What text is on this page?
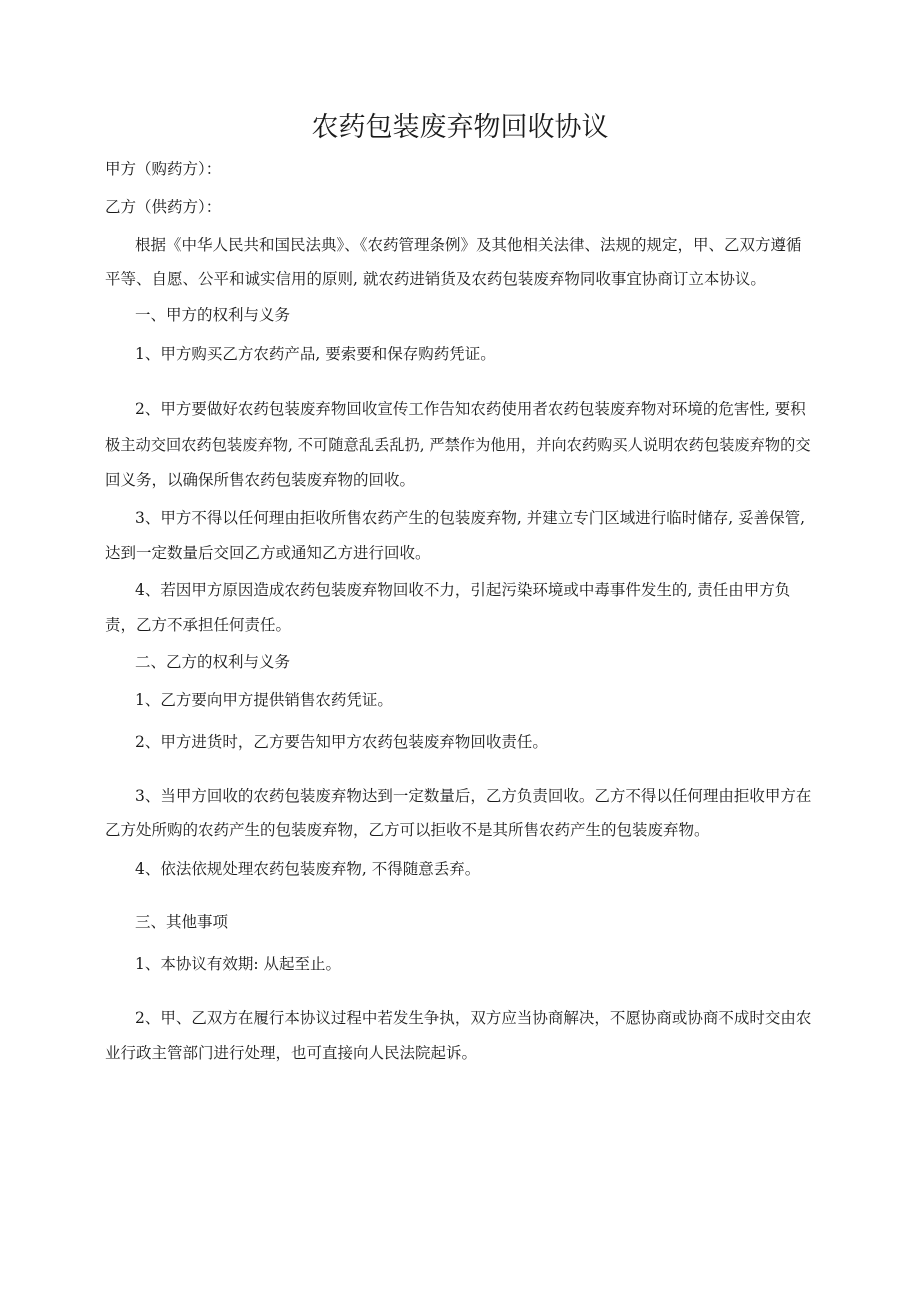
农药包装废弃物回收协议
甲方（购药方）：
乙方（供药方）：
根据《中华人民共和国民法典》、《农药管理条例》及其他相关法律、法规的规定，甲、乙双方遵循
平等、自愿、公平和诚实信用的原则, 就农药进销货及农药包装废弃物同收事宜协商订立本协议。
一、甲方的权利与义务
1、甲方购买乙方农药产品, 要索要和保存购药凭证。
2、甲方要做好农药包装废弃物回收宣传工作告知农药使用者农药包装废弃物对环境的危害性, 要积
极主动交回农药包装废弃物, 不可随意乱丢乱扔, 严禁作为他用，并向农药购买人说明农药包装废弃物的交
回义务，以确保所售农药包装废弃物的回收。
3、甲方不得以任何理由拒收所售农药产生的包装废弃物, 并建立专门区域进行临时储存, 妥善保管,
达到一定数量后交回乙方或通知乙方进行回收。
4、若因甲方原因造成农药包装废弃物回收不力，引起污染环境或中毒事件发生的, 责任由甲方负
责，乙方不承担任何责任。
二、乙方的权利与义务
1、乙方要向甲方提供销售农药凭证。
2、甲方进货时，乙方要告知甲方农药包装废弃物回收责任。
3、当甲方回收的农药包装废弃物达到一定数量后，乙方负责回收。乙方不得以任何理由拒收甲方在
乙方处所购的农药产生的包装废弃物，乙方可以拒收不是其所售农药产生的包装废弃物。
4、依法依规处理农药包装废弃物, 不得随意丢弃。
三、其他事项
1、本协议有效期: 从起至止。
2、甲、乙双方在履行本协议过程中若发生争执，双方应当协商解决，不愿协商或协商不成时交由农
业行政主管部门进行处理，也可直接向人民法院起诉。
